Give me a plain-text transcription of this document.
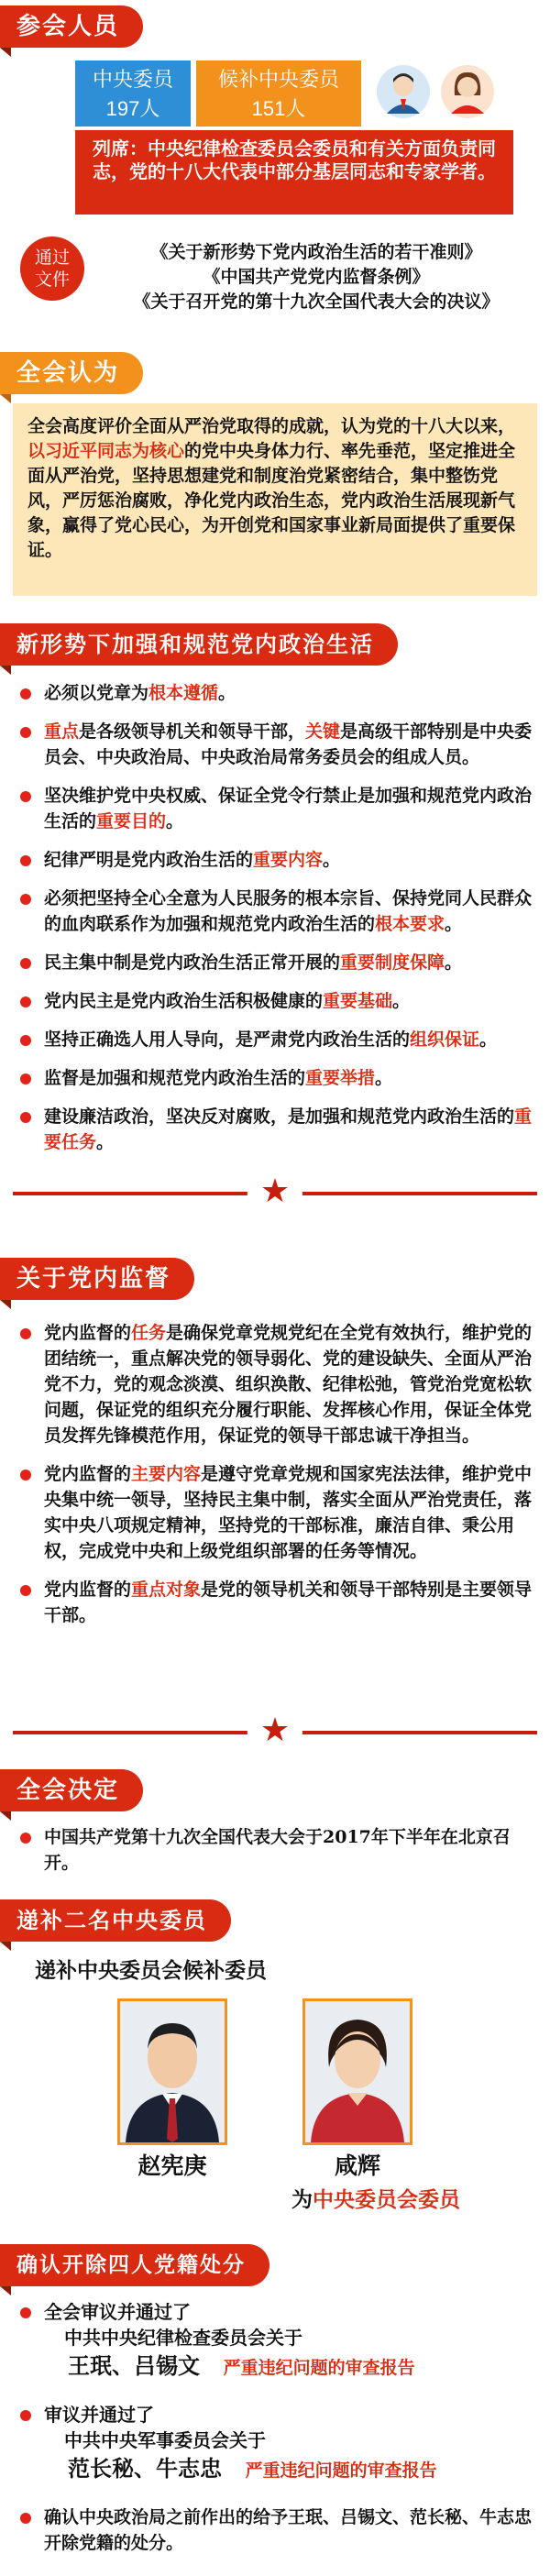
参会人员
中央委员
197人
候补中央委员
151人
列席：中央纪律检查委员会委员和有关方面负责同志，党的十八大代表中部分基层同志和专家学者。
通过文件
《关于新形势下党内政治生活的若干准则》
《中国共产党党内监督条例》
《关于召开党的第十九次全国代表大会的决议》
全会认为
全会高度评价全面从严治党取得的成就，认为党的十八大以来，以习近平同志为核心的党中央身体力行、率先垂范，坚定推进全面从严治党，坚持思想建党和制度治党紧密结合，集中整饬党风，严厉惩治腐败，净化党内政治生态，党内政治生活展现新气象，赢得了党心民心，为开创党和国家事业新局面提供了重要保证。
新形势下加强和规范党内政治生活
必须以党章为根本遵循。
重点是各级领导机关和领导干部，关键是高级干部特别是中央委员会、中央政治局、中央政治局常务委员会的组成人员。
坚决维护党中央权威、保证全党令行禁止是加强和规范党内政治生活的重要目的。
纪律严明是党内政治生活的重要内容。
必须把坚持全心全意为人民服务的根本宗旨、保持党同人民群众的血肉联系作为加强和规范党内政治生活的根本要求。
民主集中制是党内政治生活正常开展的重要制度保障。
党内民主是党内政治生活积极健康的重要基础。
坚持正确选人用人导向，是严肃党内政治生活的组织保证。
监督是加强和规范党内政治生活的重要举措。
建设廉洁政治，坚决反对腐败，是加强和规范党内政治生活的重要任务。
★
关于党内监督
党内监督的任务是确保党章党规党纪在全党有效执行，维护党的团结统一，重点解决党的领导弱化、党的建设缺失、全面从严治党不力，党的观念淡漠、组织涣散、纪律松弛，管党治党宽松软问题，保证党的组织充分履行职能、发挥核心作用，保证全体党员发挥先锋模范作用，保证党的领导干部忠诚干净担当。
党内监督的主要内容是遵守党章党规和国家宪法法律，维护党中央集中统一领导，坚持民主集中制，落实全面从严治党责任，落实中央八项规定精神，坚持党的干部标准，廉洁自律、秉公用权，完成党中央和上级党组织部署的任务等情况。
党内监督的重点对象是党的领导机关和领导干部特别是主要领导干部。
★
全会决定
中国共产党第十九次全国代表大会于2017年下半年在北京召开。
递补二名中央委员
递补中央委员会候补委员
赵宪庚	咸辉
为中央委员会委员
确认开除四人党籍处分
全会审议并通过了
中共中央纪律检查委员会关于
王珉、吕锡文 严重违纪问题的审查报告
审议并通过了
中共中央军事委员会关于
范长秘、牛志忠 严重违纪问题的审查报告
确认中央政治局之前作出的给予王珉、吕锡文、范长秘、牛志忠开除党籍的处分。
